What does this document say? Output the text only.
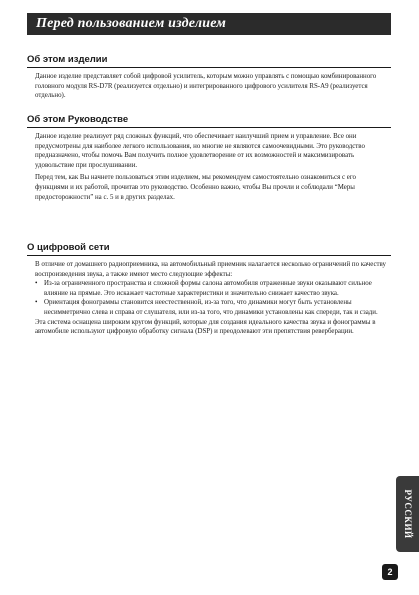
Перед пользованием изделием
Об этом изделии

Данное изделие представляет собой цифровой усилитель, которым можно управлять с помощью комбинированного головного модуля RS-D7R (реализуется отдельно) и интегрированного цифрового усилителя RS-A9 (реализуется отдельно).

Об этом Руководстве

Данное изделие реализует ряд сложных функций, что обеспечивает наилучший прием и управление. Все они предусмотрены для наиболее легкого использования, но многие не являются самоочевидными. Это руководство предназначено, чтобы помочь Вам получить полное удовлетворение от их возможностей и максимизировать удовольствие при прослушивании.

Перед тем, как Вы начнете пользоваться этим изделием, мы рекомендуем самостоятельно ознакомиться с его функциями и их работой, прочитав это руководство. Особенно важно, чтобы Вы прочли и соблюдали “Меры предосторожности” на с. 5 и в других разделах.

О цифровой сети

В отличие от домашнего радиоприемника, на автомобильный приемник налагается несколько ограничений по качеству воспроизведения звука, а также имеют место следующие эффекты:

• Из-за ограниченного пространства и сложной формы салона автомобиля отраженные звуки оказывают сильное влияние на прямые. Это искажает частотные характеристики и значительно снижает качество звука.
• Ориентация фонограммы становится неестественной, из-за того, что динамики могут быть установлены несимметрично слева и справа от слушателя, или из-за того, что динамики установлены как спереди, так и сзади.

Эта система оснащена широким кругом функций, которые для создания идеального качества звука и фонограммы в автомобиле используют цифровую обработку сигнала (DSP) и преодолевают эти препятствия реверберации.

РУССКИЙ
2
